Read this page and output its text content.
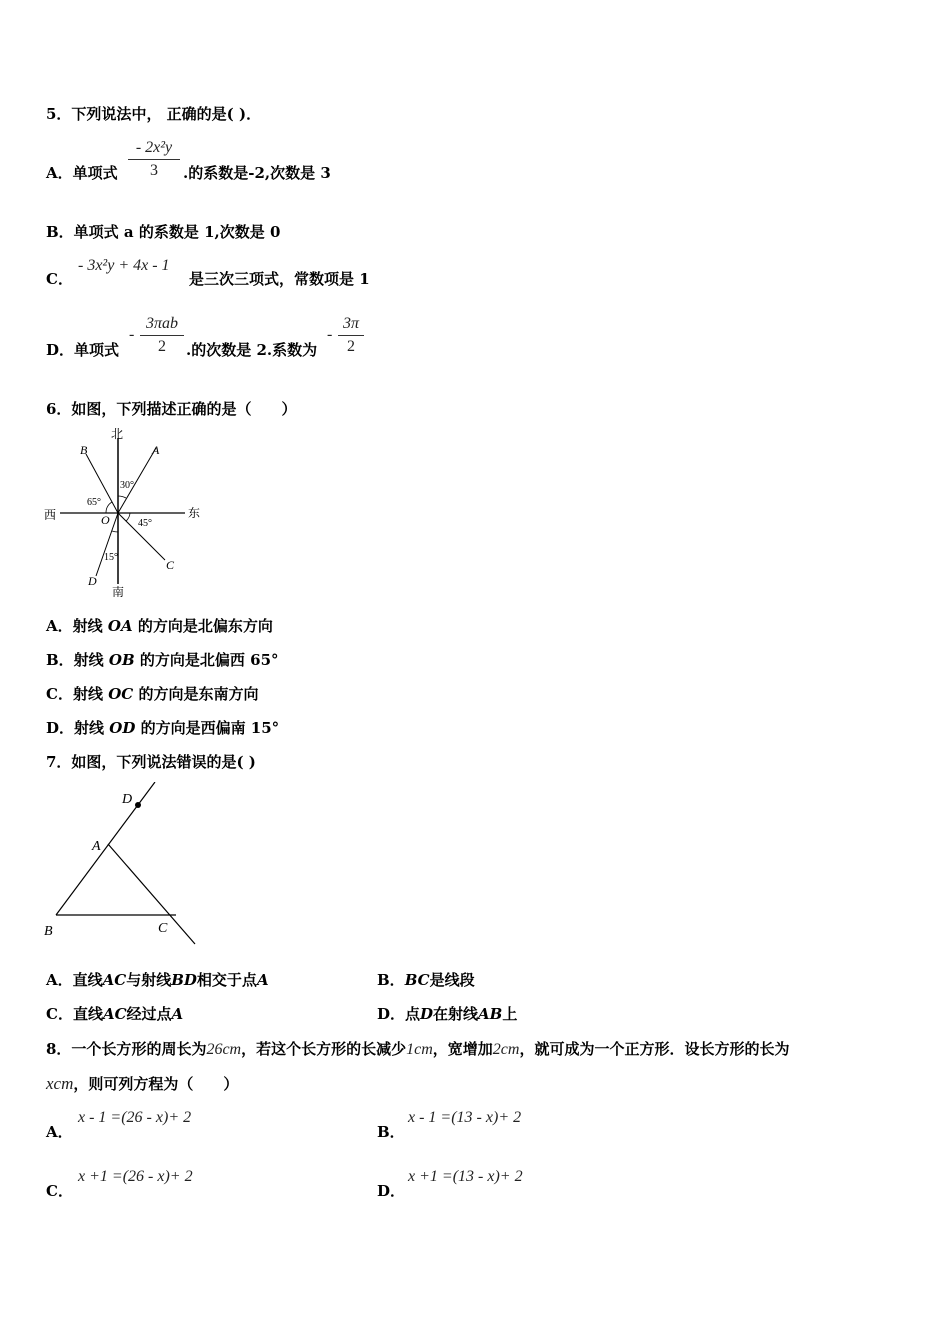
5．下列说法中， 正确的是( )．
A．单项式
- 2x²y
3	.的系数是-2,次数是 3
B．单项式 a 的系数是 1,次数是 0
C．
- 3x²y + 4x - 1
是三次三项式，常数项是 1
D．单项式
-
3πab
2	.的次数是 2.系数为
-
3π
2
6．如图，下列描述正确的是（　　）
北
南
西	东
A
B
C
D
O
30°
65°
45°
15°
A．射线 OA 的方向是北偏东方向
B．射线 OB 的方向是北偏西 65°
C．射线 OC 的方向是东南方向
D．射线 OD 的方向是西偏南 15°
7．如图，下列说法错误的是( )
D
A
B	C
A．直线AC与射线BD相交于点A	B．BC是线段
C．直线AC经过点A	D．点D在射线AB上
8．一个长方形的周长为26cm，若这个长方形的长减少1cm，宽增加2cm，就可成为一个正方形．设长方形的长为
xcm，则可列方程为（　　）
A．
x - 1 =(26 - x)+ 2
B．
x - 1 =(13 - x)+ 2
C．
x +1 =(26 - x)+ 2
D．
x +1 =(13 - x)+ 2
